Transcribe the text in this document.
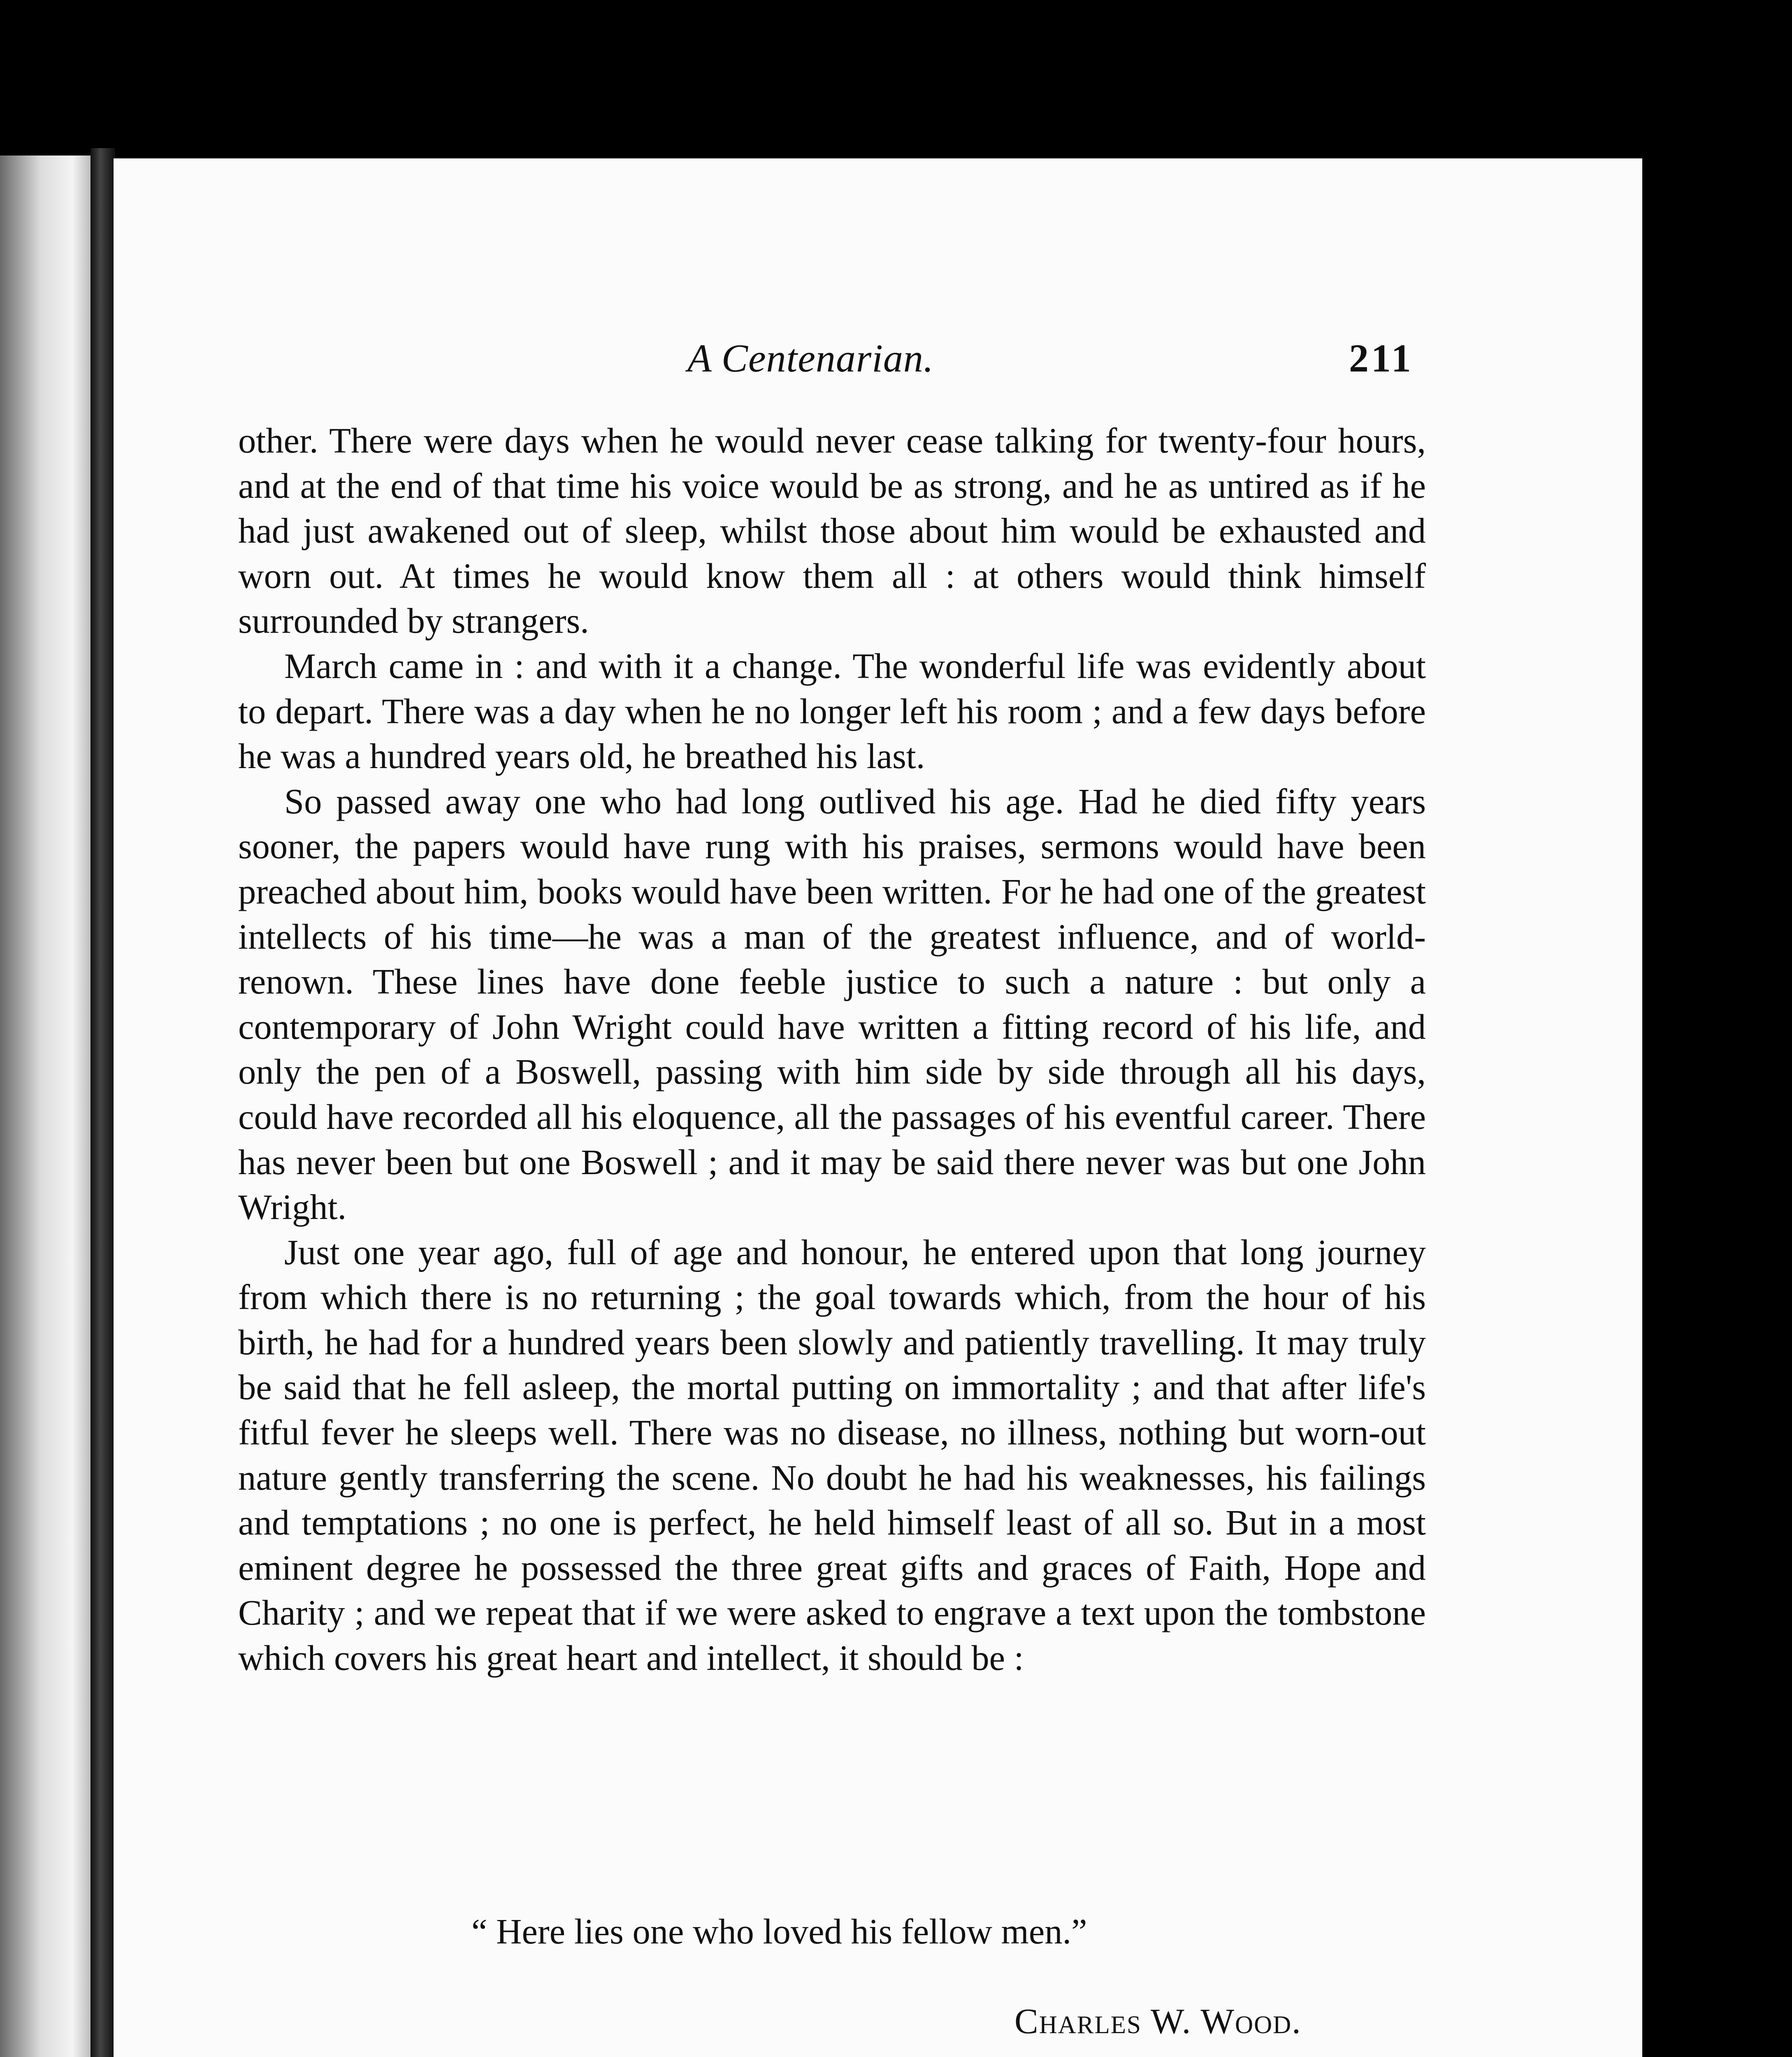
A Centenarian.	211

other. There were days when he would never cease talking for twenty-four hours, and at the end of that time his voice would be as strong, and he as untired as if he had just awakened out of sleep, whilst those about him would be exhausted and worn out. At times he would know them all : at others would think himself surrounded by strangers.

March came in : and with it a change. The wonderful life was evidently about to depart. There was a day when he no longer left his room ; and a few days before he was a hundred years old, he breathed his last.

So passed away one who had long outlived his age. Had he died fifty years sooner, the papers would have rung with his praises, sermons would have been preached about him, books would have been written. For he had one of the greatest intellects of his time—he was a man of the greatest influence, and of world-renown. These lines have done feeble justice to such a nature : but only a contemporary of John Wright could have written a fitting record of his life, and only the pen of a Boswell, passing with him side by side through all his days, could have recorded all his eloquence, all the passages of his eventful career. There has never been but one Boswell ; and it may be said there never was but one John Wright.

Just one year ago, full of age and honour, he entered upon that long journey from which there is no returning ; the goal towards which, from the hour of his birth, he had for a hundred years been slowly and patiently travelling. It may truly be said that he fell asleep, the mortal putting on immortality ; and that after life's fitful fever he sleeps well. There was no disease, no illness, nothing but worn-out nature gently transferring the scene. No doubt he had his weaknesses, his failings and temptations ; no one is perfect, he held himself least of all so. But in a most eminent degree he possessed the three great gifts and graces of Faith, Hope and Charity ; and we repeat that if we were asked to engrave a text upon the tombstone which covers his great heart and intellect, it should be :

“ Here lies one who loved his fellow men.”
Charles W. Wood.
